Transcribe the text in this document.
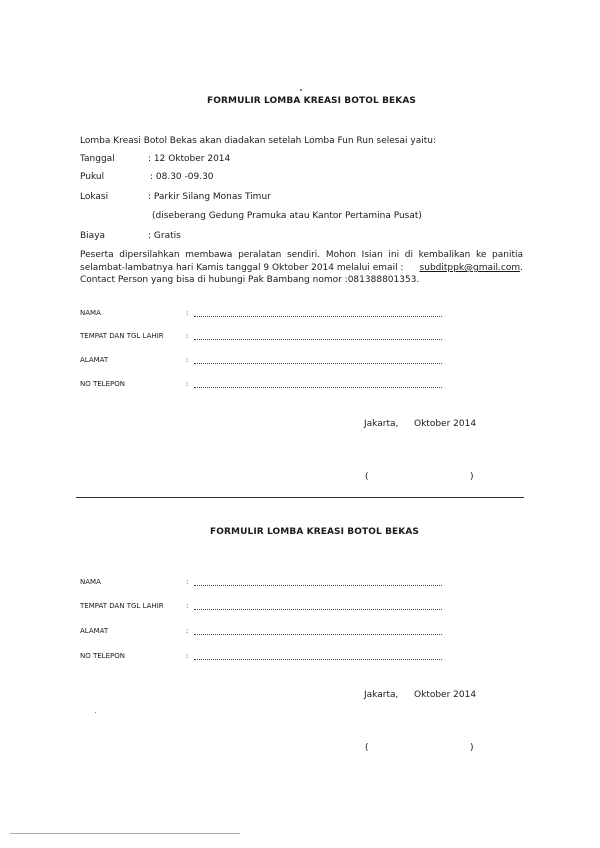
FORMULIR LOMBA KREASI BOTOL BEKAS
Lomba Kreasi Botol Bekas akan diadakan setelah Lomba Fun Run selesai yaitu:
Tanggal	: 12 Oktober 2014
Pukul	: 08.30 -09.30
Lokasi	: Parkir Silang Monas Timur
(diseberang Gedung Pramuka atau Kantor Pertamina Pusat)
Biaya	: Gratis
Peserta dipersilahkan membawa peralatan sendiri. Mohon Isian ini di kembalikan ke panitia
selambat-lambatnya hari Kamis tanggal 9 Oktober 2014 melalui email : subditppk@gmail.com.
Contact Person yang bisa di hubungi Pak Bambang nomor :081388801353.
NAMA	:
TEMPAT DAN TGL LAHIR	:
ALAMAT	:
NO TELEPON	:
Jakarta, Oktober 2014
(	)
FORMULIR LOMBA KREASI BOTOL BEKAS
NAMA	:
TEMPAT DAN TGL LAHIR	:
ALAMAT	:
NO TELEPON	:
Jakarta, Oktober 2014
(	)
